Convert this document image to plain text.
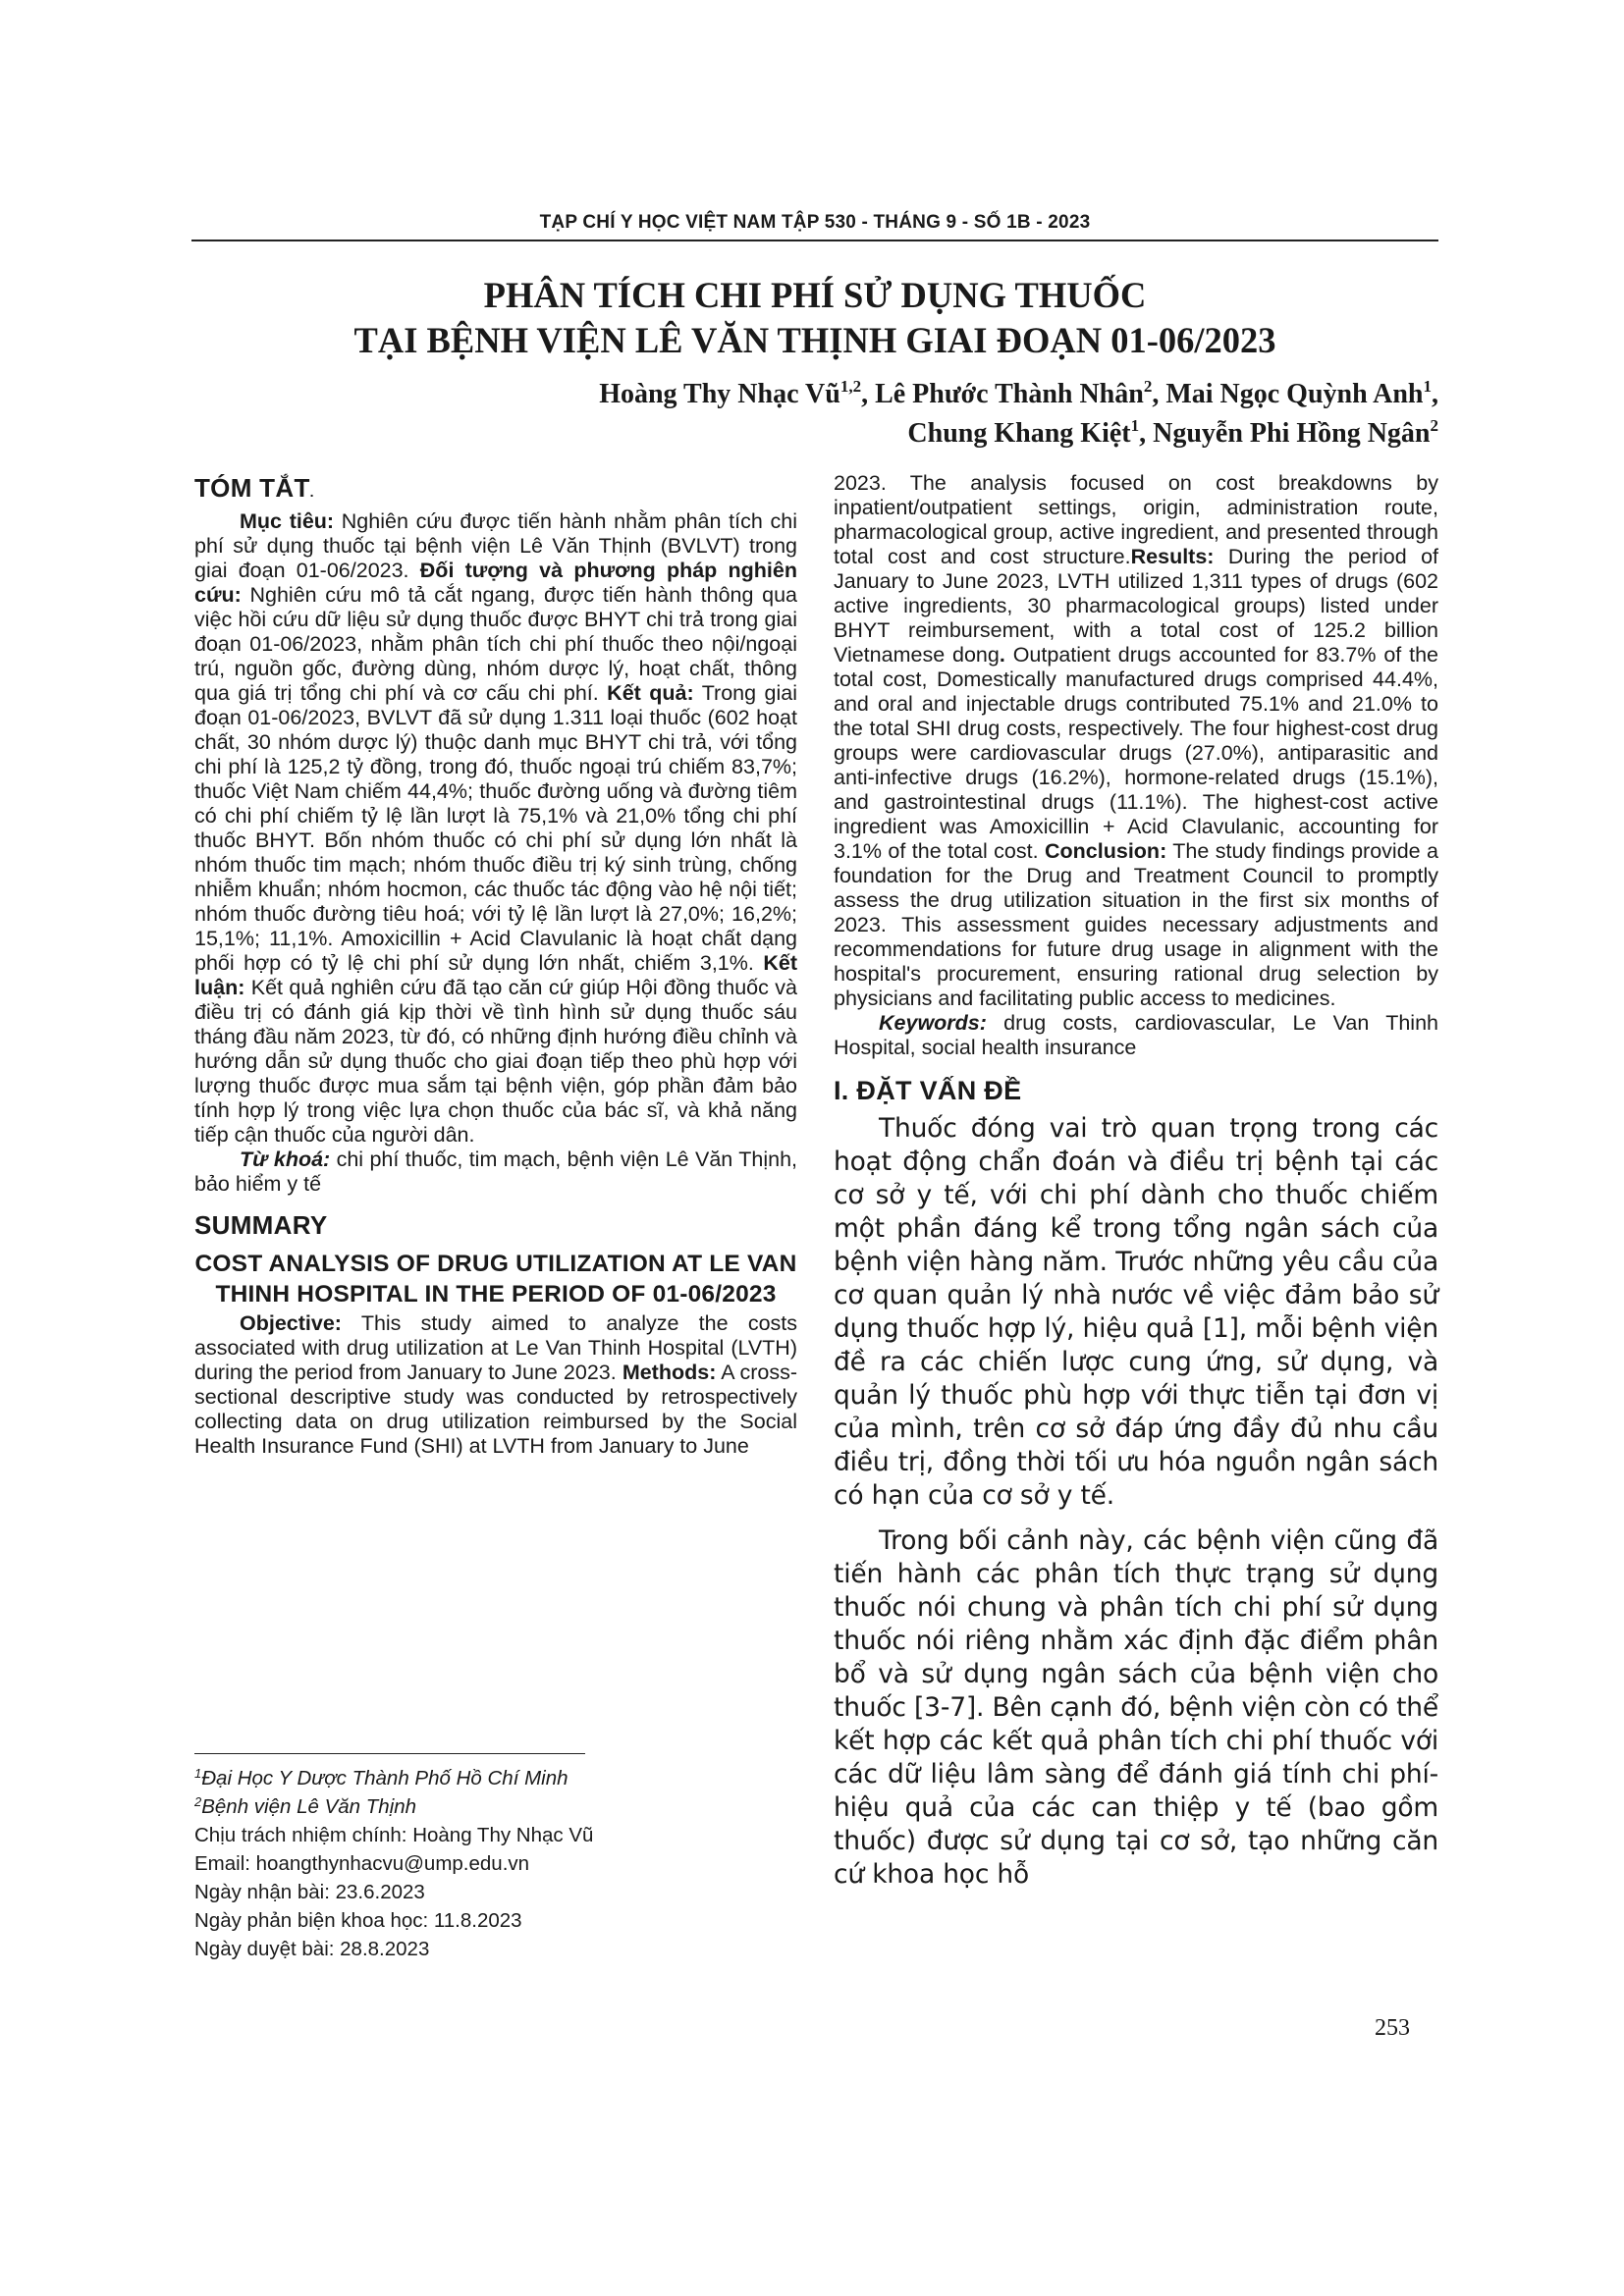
TẠP CHÍ Y HỌC VIỆT NAM TẬP 530 - THÁNG 9 - SỐ 1B - 2023
PHÂN TÍCH CHI PHÍ SỬ DỤNG THUỐC
TẠI BỆNH VIỆN LÊ VĂN THỊNH GIAI ĐOẠN 01-06/2023
Hoàng Thy Nhạc Vũ$^{1,2}$, Lê Phước Thành Nhân$^2$, Mai Ngọc Quỳnh Anh$^1$,
Chung Khang Kiệt$^1$, Nguyễn Phi Hồng Ngân$^2$
TÓM TẮT.

Mục tiêu: Nghiên cứu được tiến hành nhằm phân tích chi phí sử dụng thuốc tại bệnh viện Lê Văn Thịnh (BVLVT) trong giai đoạn 01-06/2023. Đối tượng và phương pháp nghiên cứu: Nghiên cứu mô tả cắt ngang, được tiến hành thông qua việc hồi cứu dữ liệu sử dụng thuốc được BHYT chi trả trong giai đoạn 01-06/2023, nhằm phân tích chi phí thuốc theo nội/ngoại trú, nguồn gốc, đường dùng, nhóm dược lý, hoạt chất, thông qua giá trị tổng chi phí và cơ cấu chi phí. Kết quả: Trong giai đoạn 01-06/2023, BVLVT đã sử dụng 1.311 loại thuốc (602 hoạt chất, 30 nhóm dược lý) thuộc danh mục BHYT chi trả, với tổng chi phí là 125,2 tỷ đồng, trong đó, thuốc ngoại trú chiếm 83,7%; thuốc Việt Nam chiếm 44,4%; thuốc đường uống và đường tiêm có chi phí chiếm tỷ lệ lần lượt là 75,1% và 21,0% tổng chi phí thuốc BHYT. Bốn nhóm thuốc có chi phí sử dụng lớn nhất là nhóm thuốc tim mạch; nhóm thuốc điều trị ký sinh trùng, chống nhiễm khuẩn; nhóm hocmon, các thuốc tác động vào hệ nội tiết; nhóm thuốc đường tiêu hoá; với tỷ lệ lần lượt là 27,0%; 16,2%; 15,1%; 11,1%. Amoxicillin + Acid Clavulanic là hoạt chất dạng phối hợp có tỷ lệ chi phí sử dụng lớn nhất, chiếm 3,1%. Kết luận: Kết quả nghiên cứu đã tạo căn cứ giúp Hội đồng thuốc và điều trị có đánh giá kịp thời về tình hình sử dụng thuốc sáu tháng đầu năm 2023, từ đó, có những định hướng điều chỉnh và hướng dẫn sử dụng thuốc cho giai đoạn tiếp theo phù hợp với lượng thuốc được mua sắm tại bệnh viện, góp phần đảm bảo tính hợp lý trong việc lựa chọn thuốc của bác sĩ, và khả năng tiếp cận thuốc của người dân.

Từ khoá: chi phí thuốc, tim mạch, bệnh viện Lê Văn Thịnh, bảo hiểm y tế

SUMMARY
COST ANALYSIS OF DRUG UTILIZATION AT LE VAN THINH HOSPITAL IN THE PERIOD OF 01-06/2023

Objective: This study aimed to analyze the costs associated with drug utilization at Le Van Thinh Hospital (LVTH) during the period from January to June 2023. Methods: A cross-sectional descriptive study was conducted by retrospectively collecting data on drug utilization reimbursed by the Social Health Insurance Fund (SHI) at LVTH from January to June

$^1$Đại Học Y Dược Thành Phố Hồ Chí Minh
$^2$Bệnh viện Lê Văn Thịnh
Chịu trách nhiệm chính: Hoàng Thy Nhạc Vũ
Email: hoangthynhacvu@ump.edu.vn
Ngày nhận bài: 23.6.2023
Ngày phản biện khoa học: 11.8.2023
Ngày duyệt bài: 28.8.2023

2023. The analysis focused on cost breakdowns by inpatient/outpatient settings, origin, administration route, pharmacological group, active ingredient, and presented through total cost and cost structure.Results: During the period of January to June 2023, LVTH utilized 1,311 types of drugs (602 active ingredients, 30 pharmacological groups) listed under BHYT reimbursement, with a total cost of 125.2 billion Vietnamese dong. Outpatient drugs accounted for 83.7% of the total cost, Domestically manufactured drugs comprised 44.4%, and oral and injectable drugs contributed 75.1% and 21.0% to the total SHI drug costs, respectively. The four highest-cost drug groups were cardiovascular drugs (27.0%), antiparasitic and anti-infective drugs (16.2%), hormone-related drugs (15.1%), and gastrointestinal drugs (11.1%). The highest-cost active ingredient was Amoxicillin + Acid Clavulanic, accounting for 3.1% of the total cost. Conclusion: The study findings provide a foundation for the Drug and Treatment Council to promptly assess the drug utilization situation in the first six months of 2023. This assessment guides necessary adjustments and recommendations for future drug usage in alignment with the hospital's procurement, ensuring rational drug selection by physicians and facilitating public access to medicines.

Keywords: drug costs, cardiovascular, Le Van Thinh Hospital, social health insurance

I. ĐẶT VẤN ĐỀ

Thuốc đóng vai trò quan trọng trong các hoạt động chẩn đoán và điều trị bệnh tại các cơ sở y tế, với chi phí dành cho thuốc chiếm một phần đáng kể trong tổng ngân sách của bệnh viện hàng năm. Trước những yêu cầu của cơ quan quản lý nhà nước về việc đảm bảo sử dụng thuốc hợp lý, hiệu quả [1], mỗi bệnh viện đề ra các chiến lược cung ứng, sử dụng, và quản lý thuốc phù hợp với thực tiễn tại đơn vị của mình, trên cơ sở đáp ứng đầy đủ nhu cầu điều trị, đồng thời tối ưu hóa nguồn ngân sách có hạn của cơ sở y tế.

Trong bối cảnh này, các bệnh viện cũng đã tiến hành các phân tích thực trạng sử dụng thuốc nói chung và phân tích chi phí sử dụng thuốc nói riêng nhằm xác định đặc điểm phân bổ và sử dụng ngân sách của bệnh viện cho thuốc [3-7]. Bên cạnh đó, bệnh viện còn có thể kết hợp các kết quả phân tích chi phí thuốc với các dữ liệu lâm sàng để đánh giá tính chi phí-hiệu quả của các can thiệp y tế (bao gồm thuốc) được sử dụng tại cơ sở, tạo những căn cứ khoa học hỗ

253
